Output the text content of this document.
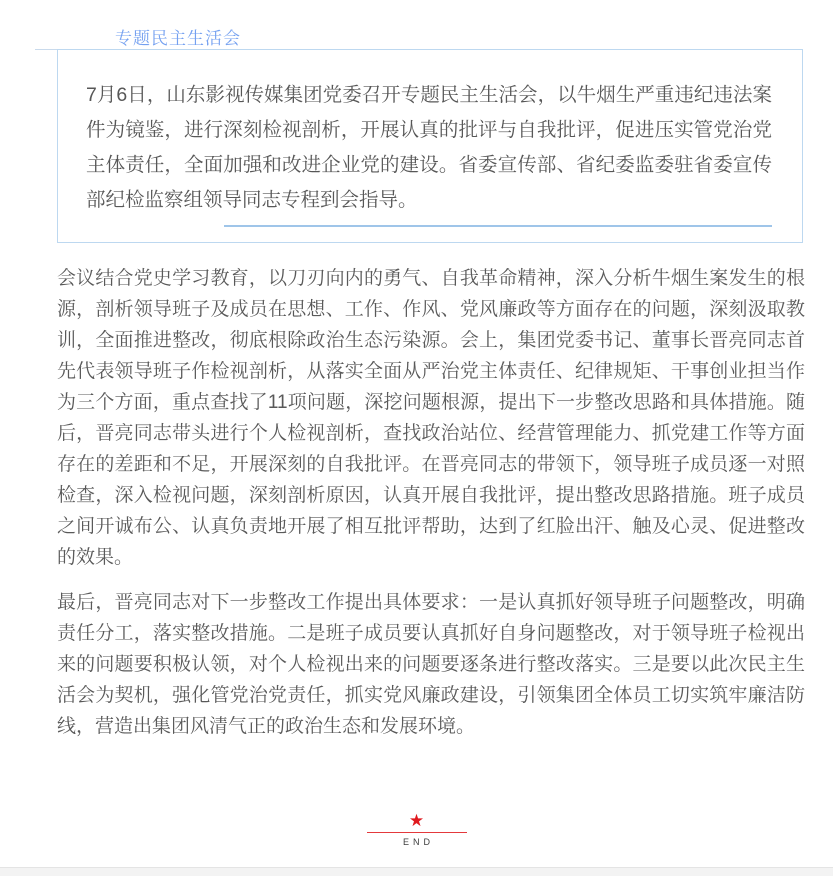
专题民主生活会

7月6日，山东影视传媒集团党委召开专题民主生活会，以牛烟生严重违纪违法案件为镜鉴，进行深刻检视剖析，开展认真的批评与自我批评，促进压实管党治党主体责任，全面加强和改进企业党的建设。省委宣传部、省纪委监委驻省委宣传部纪检监察组领导同志专程到会指导。

会议结合党史学习教育，以刀刃向内的勇气、自我革命精神，深入分析牛烟生案发生的根源，剖析领导班子及成员在思想、工作、作风、党风廉政等方面存在的问题，深刻汲取教训，全面推进整改，彻底根除政治生态污染源。会上，集团党委书记、董事长晋亮同志首先代表领导班子作检视剖析，从落实全面从严治党主体责任、纪律规矩、干事创业担当作为三个方面，重点查找了11项问题，深挖问题根源，提出下一步整改思路和具体措施。随后，晋亮同志带头进行个人检视剖析，查找政治站位、经营管理能力、抓党建工作等方面存在的差距和不足，开展深刻的自我批评。在晋亮同志的带领下，领导班子成员逐一对照检查，深入检视问题，深刻剖析原因，认真开展自我批评，提出整改思路措施。班子成员之间开诚布公、认真负责地开展了相互批评帮助，达到了红脸出汗、触及心灵、促进整改的效果。

最后，晋亮同志对下一步整改工作提出具体要求：一是认真抓好领导班子问题整改，明确责任分工，落实整改措施。二是班子成员要认真抓好自身问题整改，对于领导班子检视出来的问题要积极认领，对个人检视出来的问题要逐条进行整改落实。三是要以此次民主生活会为契机，强化管党治党责任，抓实党风廉政建设，引领集团全体员工切实筑牢廉洁防线，营造出集团风清气正的政治生态和发展环境。

★
END
